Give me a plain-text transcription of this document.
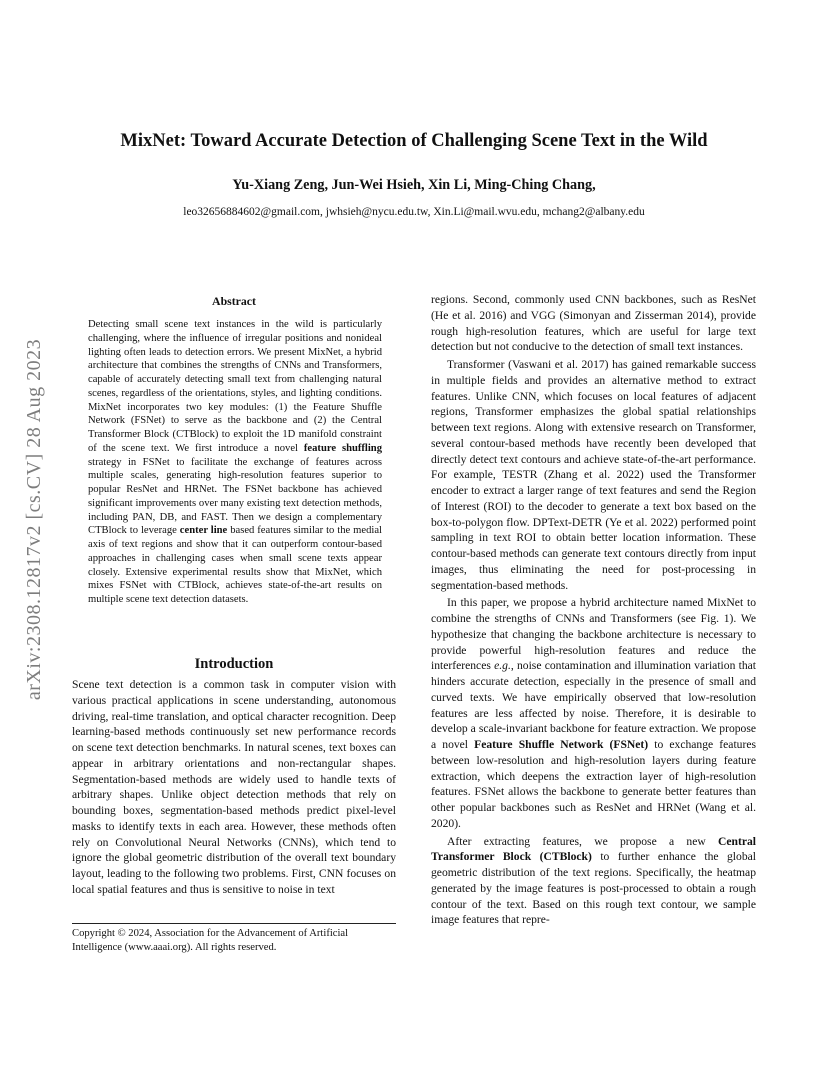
MixNet: Toward Accurate Detection of Challenging Scene Text in the Wild
Yu-Xiang Zeng, Jun-Wei Hsieh, Xin Li, Ming-Ching Chang,
leo32656884602@gmail.com, jwhsieh@nycu.edu.tw, Xin.Li@mail.wvu.edu, mchang2@albany.edu
arXiv:2308.12817v2 [cs.CV] 28 Aug 2023
Abstract
Detecting small scene text instances in the wild is particularly challenging, where the influence of irregular positions and nonideal lighting often leads to detection errors. We present MixNet, a hybrid architecture that combines the strengths of CNNs and Transformers, capable of accurately detecting small text from challenging natural scenes, regardless of the orientations, styles, and lighting conditions. MixNet incorporates two key modules: (1) the Feature Shuffle Network (FSNet) to serve as the backbone and (2) the Central Transformer Block (CTBlock) to exploit the 1D manifold constraint of the scene text. We first introduce a novel feature shuffling strategy in FSNet to facilitate the exchange of features across multiple scales, generating high-resolution features superior to popular ResNet and HRNet. The FSNet backbone has achieved significant improvements over many existing text detection methods, including PAN, DB, and FAST. Then we design a complementary CTBlock to leverage center line based features similar to the medial axis of text regions and show that it can outperform contour-based approaches in challenging cases when small scene texts appear closely. Extensive experimental results show that MixNet, which mixes FSNet with CTBlock, achieves state-of-the-art results on multiple scene text detection datasets.
Introduction

Scene text detection is a common task in computer vision with various practical applications in scene understanding, autonomous driving, real-time translation, and optical character recognition. Deep learning-based methods continuously set new performance records on scene text detection benchmarks. In natural scenes, text boxes can appear in arbitrary orientations and non-rectangular shapes. Segmentation-based methods are widely used to handle texts of arbitrary shapes. Unlike object detection methods that rely on bounding boxes, segmentation-based methods predict pixel-level masks to identify texts in each area. However, these methods often rely on Convolutional Neural Networks (CNNs), which tend to ignore the global geometric distribution of the overall text boundary layout, leading to the following two problems. First, CNN focuses on local spatial features and thus is sensitive to noise in text

regions. Second, commonly used CNN backbones, such as ResNet (He et al. 2016) and VGG (Simonyan and Zisserman 2014), provide rough high-resolution features, which are useful for large text detection but not conducive to the detection of small text instances.

Transformer (Vaswani et al. 2017) has gained remarkable success in multiple fields and provides an alternative method to extract features. Unlike CNN, which focuses on local features of adjacent regions, Transformer emphasizes the global spatial relationships between text regions. Along with extensive research on Transformer, several contour-based methods have recently been developed that directly detect text contours and achieve state-of-the-art performance. For example, TESTR (Zhang et al. 2022) used the Transformer encoder to extract a larger range of text features and send the Region of Interest (ROI) to the decoder to generate a text box based on the box-to-polygon flow. DPText-DETR (Ye et al. 2022) performed point sampling in text ROI to obtain better location information. These contour-based methods can generate text contours directly from input images, thus eliminating the need for post-processing in segmentation-based methods.

In this paper, we propose a hybrid architecture named MixNet to combine the strengths of CNNs and Transformers (see Fig. 1). We hypothesize that changing the backbone architecture is necessary to provide powerful high-resolution features and reduce the interferences e.g., noise contamination and illumination variation that hinders accurate detection, especially in the presence of small and curved texts. We have empirically observed that low-resolution features are less affected by noise. Therefore, it is desirable to develop a scale-invariant backbone for feature extraction. We propose a novel Feature Shuffle Network (FSNet) to exchange features between low-resolution and high-resolution layers during feature extraction, which deepens the extraction layer of high-resolution features. FSNet allows the backbone to generate better features than other popular backbones such as ResNet and HRNet (Wang et al. 2020).

After extracting features, we propose a new Central Transformer Block (CTBlock) to further enhance the global geometric distribution of the text regions. Specifically, the heatmap generated by the image features is post-processed to obtain a rough contour of the text. Based on this rough text contour, we sample image features that repre-

Copyright © 2024, Association for the Advancement of Artificial Intelligence (www.aaai.org). All rights reserved.
